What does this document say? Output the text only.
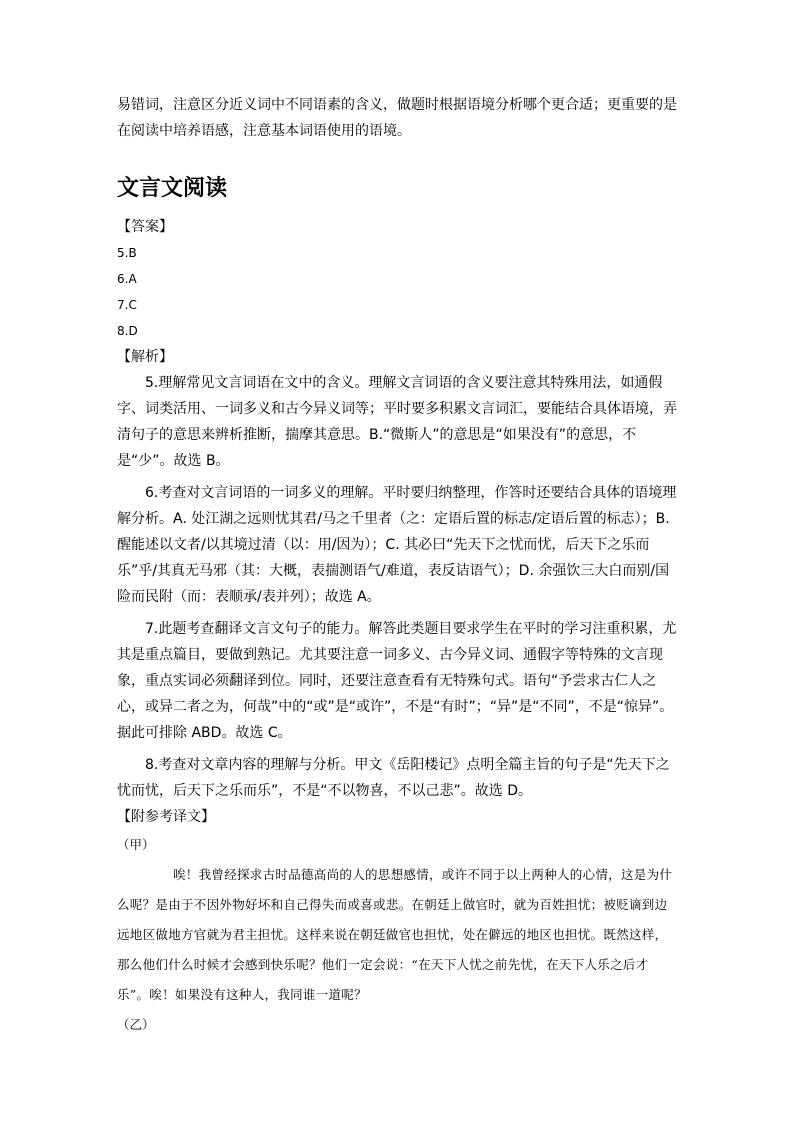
易错词，注意区分近义词中不同语素的含义，做题时根据语境分析哪个更合适；更重要的是在阅读中培养语感，注意基本词语使用的语境。

文言文阅读

【答案】

5.B

6.A

7.C

8.D

【解析】

5.理解常见文言词语在文中的含义。理解文言词语的含义要注意其特殊用法，如通假字、词类活用、一词多义和古今异义词等；平时要多积累文言词汇，要能结合具体语境，弄清句子的意思来辨析推断，揣摩其意思。B.“微斯人”的意思是“如果没有”的意思，不是“少”。故选 B。

6.考查对文言词语的一词多义的理解。平时要归纳整理，作答时还要结合具体的语境理解分析。A. 处江湖之远则忧其君/马之千里者（之：定语后置的标志/定语后置的标志）；B. 醒能述以文者/以其境过清（以：用/因为）；C. 其必曰“先天下之忧而忧，后天下之乐而乐”乎/其真无马邪（其：大概，表揣测语气/难道，表反诘语气）；D. 余强饮三大白而别/国险而民附（而：表顺承/表并列）；故选 A。

7.此题考查翻译文言文句子的能力。解答此类题目要求学生在平时的学习注重积累，尤其是重点篇目，要做到熟记。尤其要注意一词多义、古今异义词、通假字等特殊的文言现象，重点实词必须翻译到位。同时，还要注意查看有无特殊句式。语句“予尝求古仁人之心，或异二者之为，何哉”中的“或”是“或许”，不是“有时”；“异”是“不同”，不是“惊异”。据此可排除 ABD。故选 C。

8.考查对文章内容的理解与分析。甲文《岳阳楼记》点明全篇主旨的句子是“先天下之忧而忧，后天下之乐而乐”，不是“不以物喜，不以己悲”。故选 D。

【附参考译文】

（甲）

唉！我曾经探求古时品德高尚的人的思想感情，或许不同于以上两种人的心情，这是为什么呢？是由于不因外物好坏和自己得失而或喜或悲。在朝廷上做官时，就为百姓担忧；被贬谪到边远地区做地方官就为君主担忧。这样来说在朝廷做官也担忧，处在僻远的地区也担忧。既然这样，那么他们什么时候才会感到快乐呢？他们一定会说：“在天下人忧之前先忧，在天下人乐之后才乐”。唉！如果没有这种人，我同谁一道呢？

（乙）
